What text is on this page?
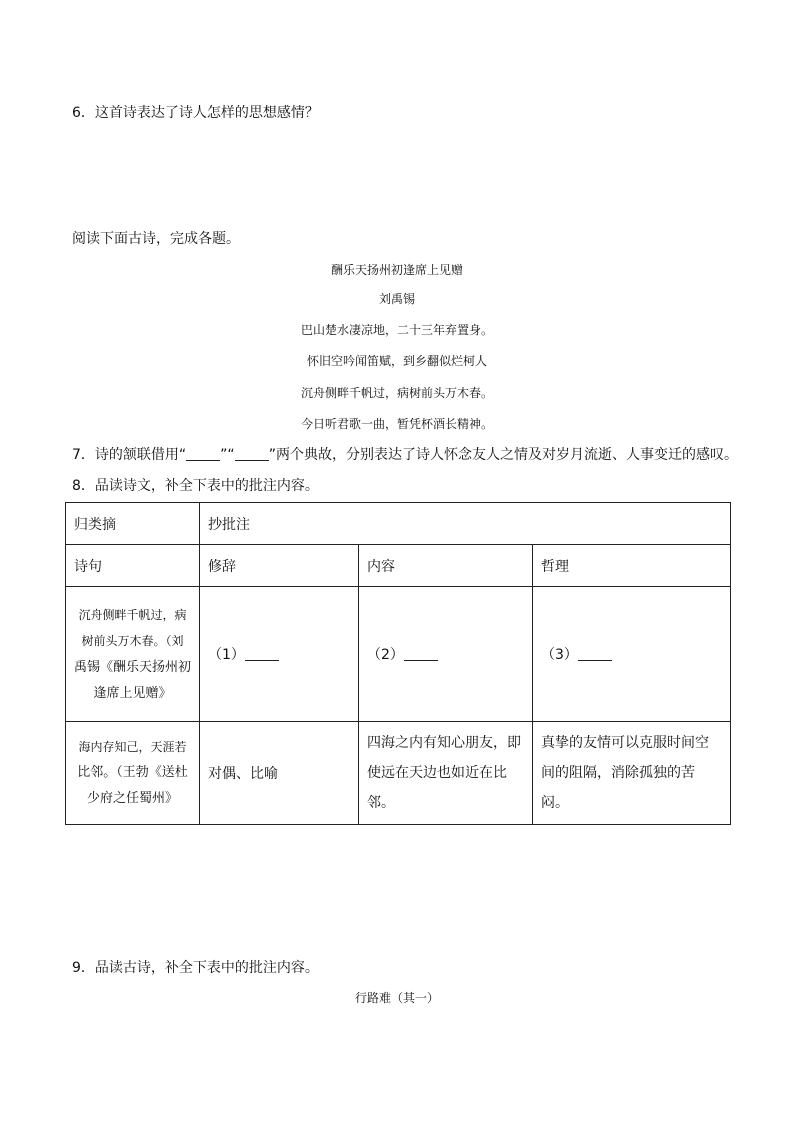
6．这首诗表达了诗人怎样的思想感情？
阅读下面古诗，完成各题。
酬乐天扬州初逢席上见赠
刘禹锡
巴山楚水凄凉地，二十三年弃置身。
怀旧空吟闻笛赋，到乡翻似烂柯人
沉舟侧畔千帆过，病树前头万木春。
今日听君歌一曲，暂凭杯酒长精神。
7．诗的颔联借用“ ”“ ”两个典故，分别表达了诗人怀念友人之情及对岁月流逝、人事变迁的感叹。
8．品读诗文，补全下表中的批注内容。
归类摘	抄批注		
诗句	修辞	内容	哲理

沉舟侧畔千帆过，病
树前头万木春。（刘
禹锡《酬乐天扬州初
逢席上见赠》	（1）	（2）	（3）

海内存知己，天涯若
比邻。（王勃《送杜
少府之任蜀州》	对偶、比喻	四海之内有知心朋友，即使远在天边也如近在比邻。	真挚的友情可以克服时间空间的阻隔，消除孤独的苦闷。
9．品读古诗，补全下表中的批注内容。
行路难（其一）
